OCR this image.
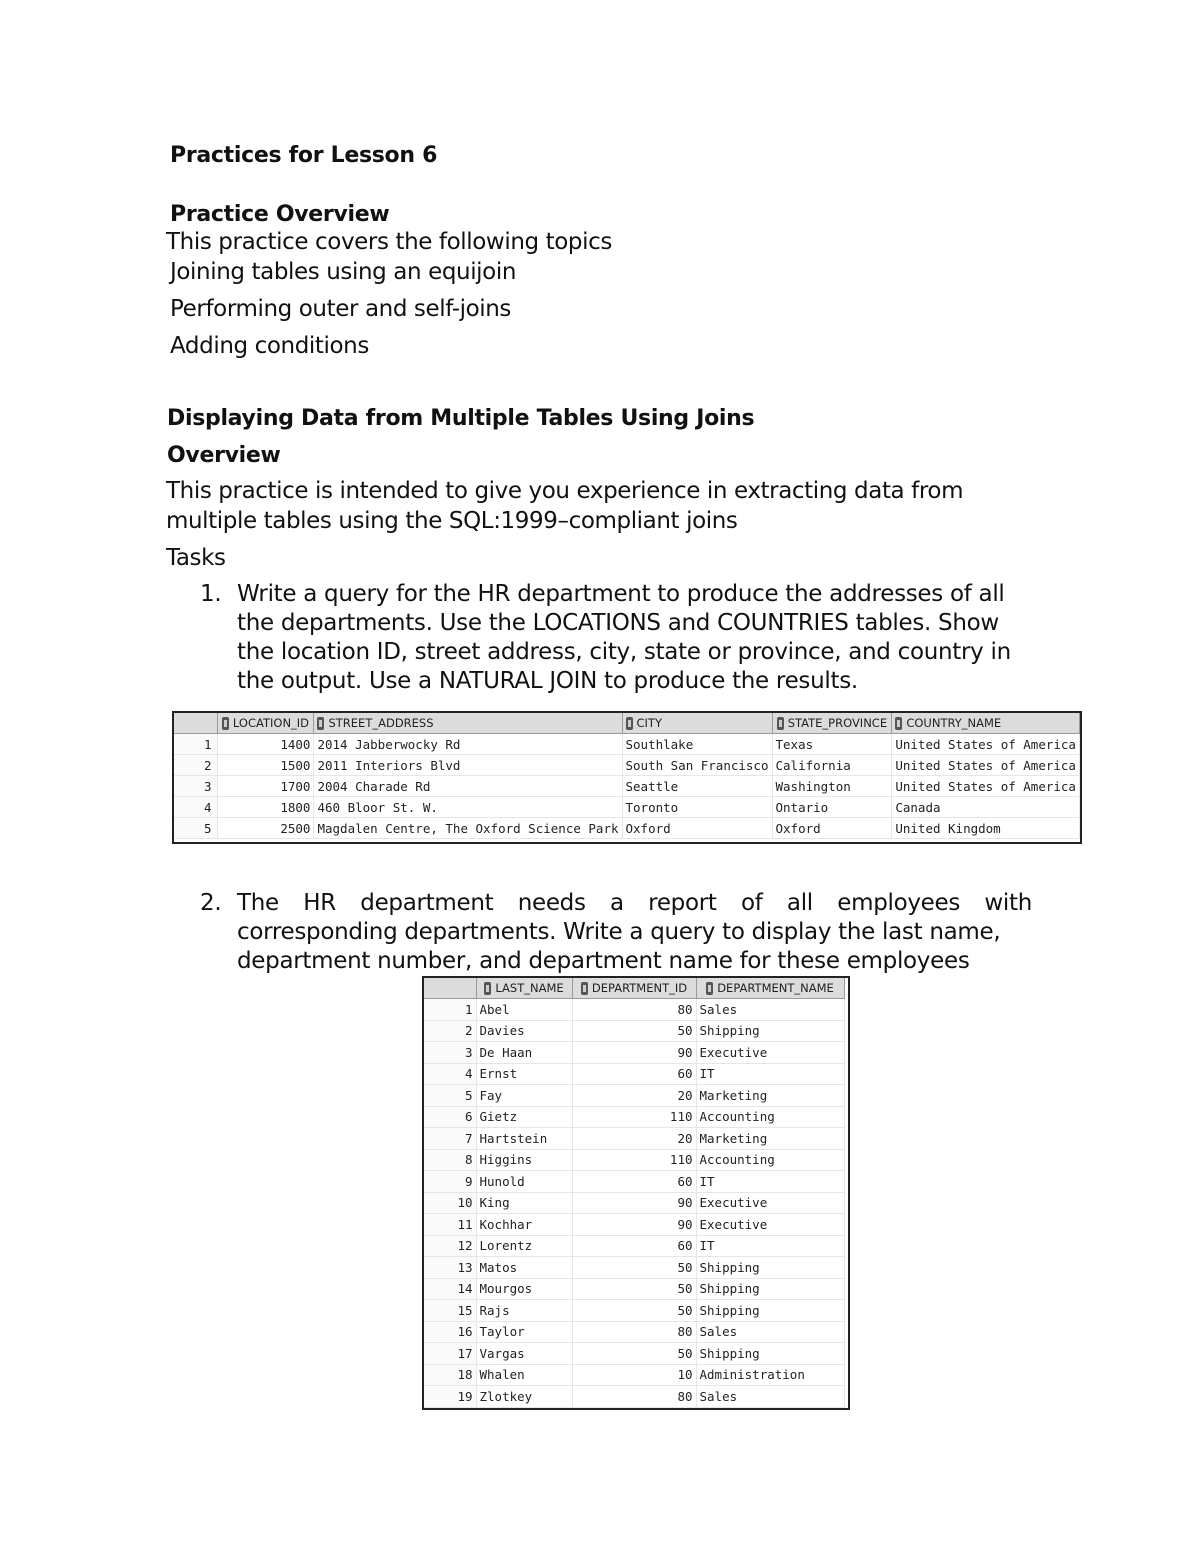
Practices for Lesson 6
Practice Overview
This practice covers the following topics
Joining tables using an equijoin
Performing outer and self-joins
Adding conditions
Displaying Data from Multiple Tables Using Joins
Overview
This practice is intended to give you experience in extracting data from
multiple tables using the SQL:1999–compliant joins
Tasks
1. Write a query for the HR department to produce the addresses of all
the departments. Use the LOCATIONS and COUNTRIES tables. Show
the location ID, street address, city, state or province, and country in
the output. Use a NATURAL JOIN to produce the results.
	LOCATION_ID	STREET_ADDRESS	CITY	STATE_PROVINCE	COUNTRY_NAME
1	1400	2014 Jabberwocky Rd	Southlake	Texas	United States of America
2	1500	2011 Interiors Blvd	South San Francisco	California	United States of America
3	1700	2004 Charade Rd	Seattle	Washington	United States of America
4	1800	460 Bloor St. W.	Toronto	Ontario	Canada
5	2500	Magdalen Centre, The Oxford Science Park	Oxford	Oxford	United Kingdom
2. The HR department needs a report of all employees with
corresponding departments. Write a query to display the last name,
department number, and department name for these employees
	LAST_NAME	DEPARTMENT_ID	DEPARTMENT_NAME
1	Abel	80	Sales
2	Davies	50	Shipping
3	De Haan	90	Executive
4	Ernst	60	IT
5	Fay	20	Marketing
6	Gietz	110	Accounting
7	Hartstein	20	Marketing
8	Higgins	110	Accounting
9	Hunold	60	IT
10	King	90	Executive
11	Kochhar	90	Executive
12	Lorentz	60	IT
13	Matos	50	Shipping
14	Mourgos	50	Shipping
15	Rajs	50	Shipping
16	Taylor	80	Sales
17	Vargas	50	Shipping
18	Whalen	10	Administration
19	Zlotkey	80	Sales
